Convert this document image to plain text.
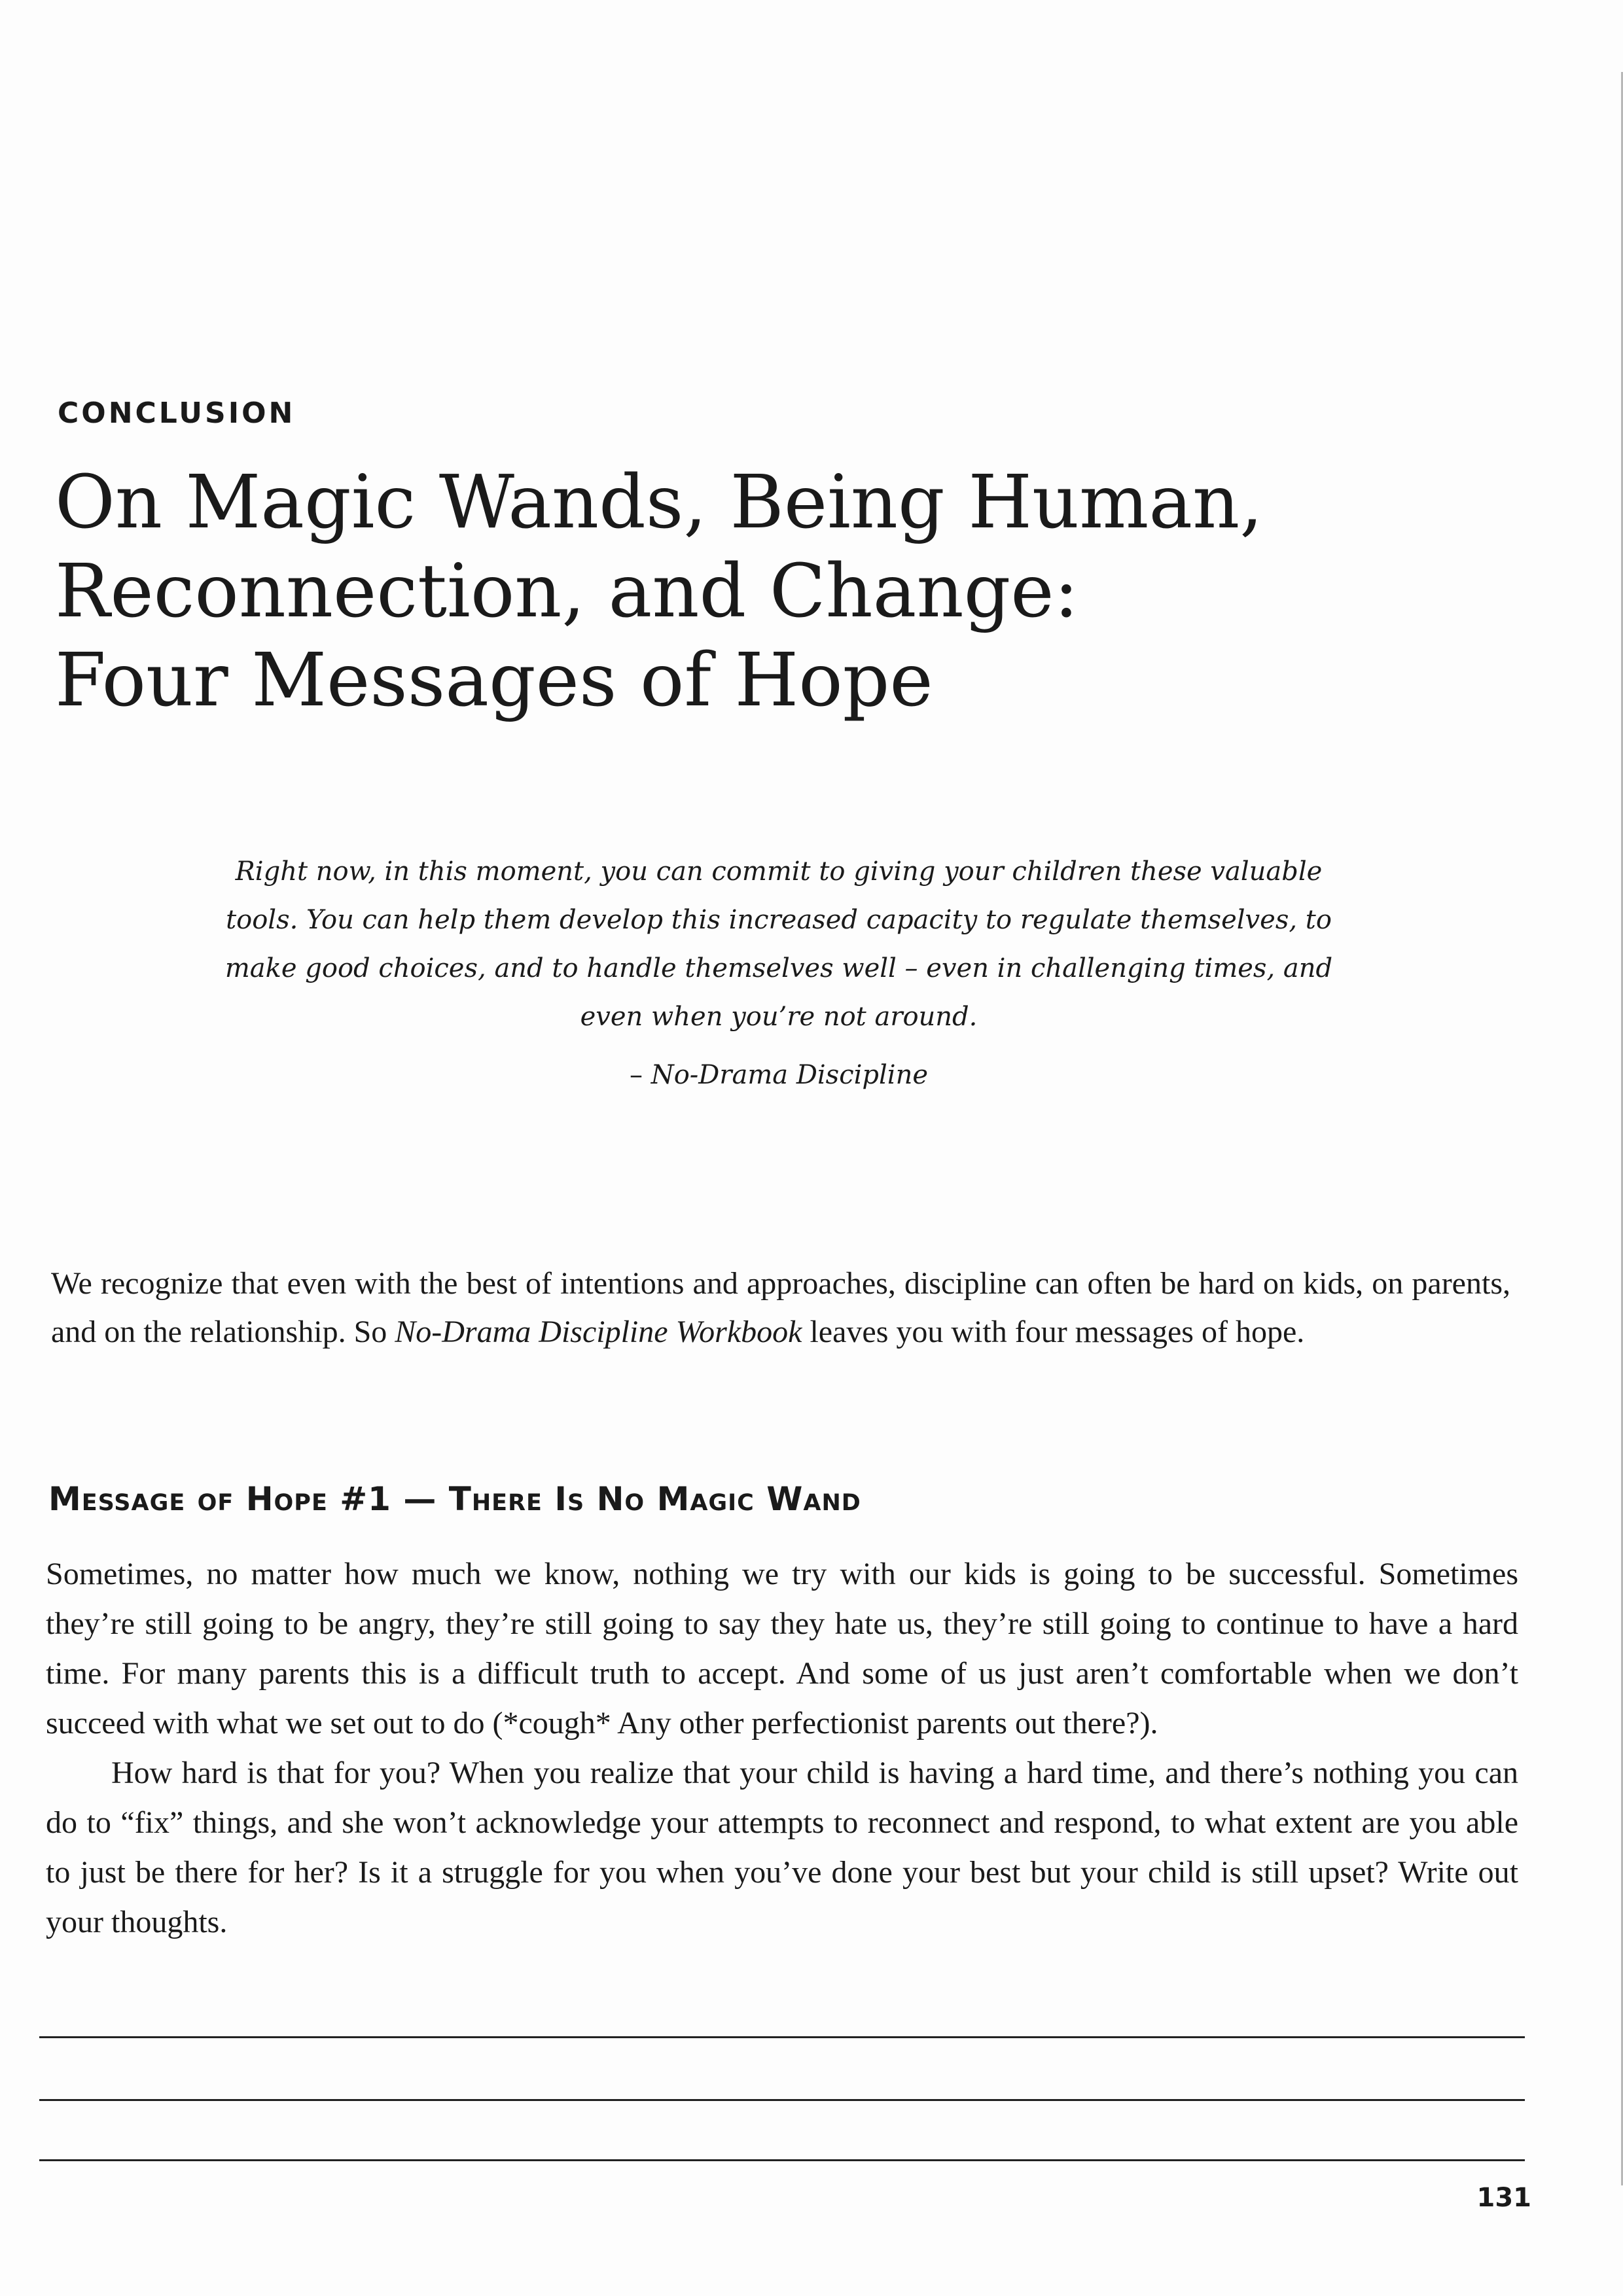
CONCLUSION
On Magic Wands, Being Human,
Reconnection, and Change:
Four Messages of Hope

Right now, in this moment, you can commit to giving your children these valuable tools. You can help them develop this increased capacity to regulate themselves, to make good choices, and to handle themselves well – even in challenging times, and even when you’re not around.

– No-Drama Discipline

We recognize that even with the best of intentions and approaches, discipline can often be hard on kids, on parents, and on the relationship. So No-Drama Discipline Workbook leaves you with four messages of hope.

Message of Hope #1 — There Is No Magic Wand

Sometimes, no matter how much we know, nothing we try with our kids is going to be successful. Sometimes they’re still going to be angry, they’re still going to say they hate us, they’re still going to continue to have a hard time. For many parents this is a difficult truth to accept. And some of us just aren’t comfortable when we don’t succeed with what we set out to do (*cough* Any other perfectionist parents out there?).

How hard is that for you? When you realize that your child is having a hard time, and there’s nothing you can do to “fix” things, and she won’t acknowledge your attempts to reconnect and respond, to what extent are you able to just be there for her? Is it a struggle for you when you’ve done your best but your child is still upset? Write out your thoughts.

131
